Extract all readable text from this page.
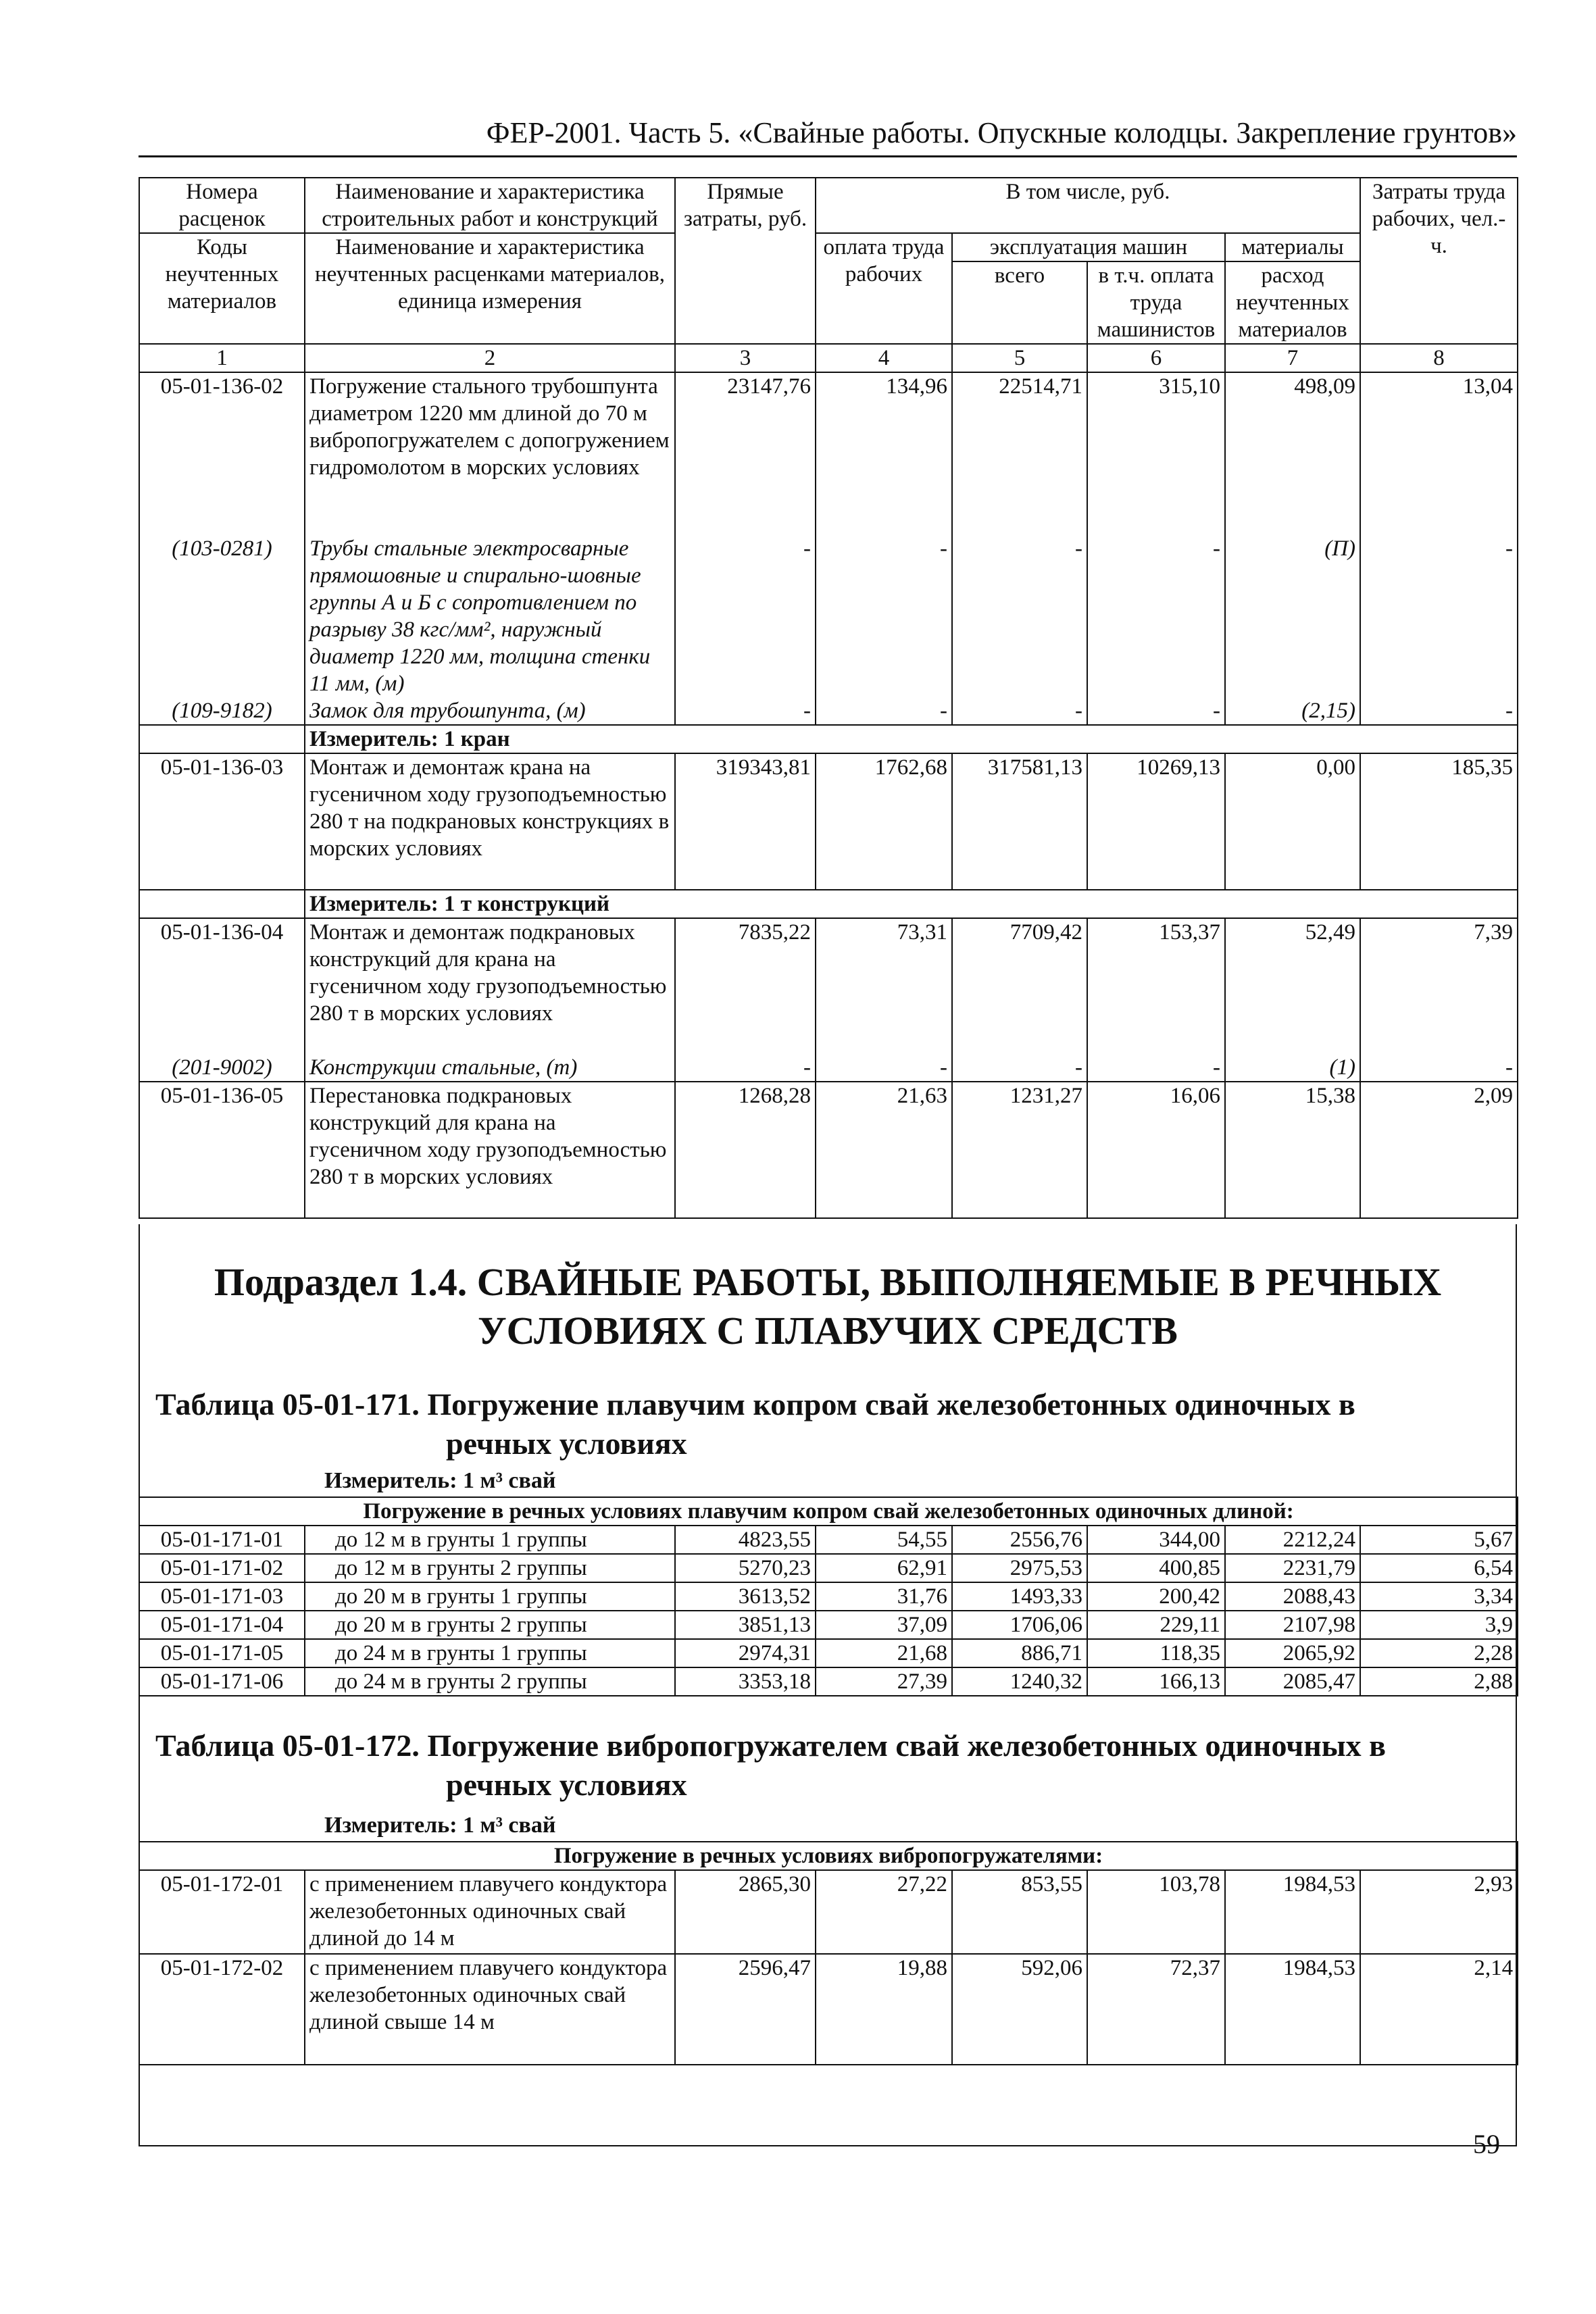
ФЕР-2001. Часть 5. «Свайные работы. Опускные колодцы. Закрепление грунтов»
Номера расценок	Наименование и характеристика строительных работ и конструкций	Прямые затраты, руб.	В том числе, руб.				Затраты труда рабочих, чел.-ч.
Коды неучтенных материалов	Наименование и характеристика неучтенных расценками материалов, единица измерения		оплата труда рабочих	эксплуатация машин		материалы	
				всего	в т.ч. оплата труда машинистов	расход неучтенных материалов	
1	2	3	4	5	6	7	8
05-01-136-02	Погружение стального трубошпунта диаметром 1220 мм длиной до 70 м вибропогружателем с допогружением гидромолотом в морских условиях	23147,76	134,96	22514,71	315,10	498,09	13,04
(103-0281)	Трубы стальные электросварные прямошовные и спирально-шовные группы А и Б с сопротивлением по разрыву 38 кгс/мм², наружный диаметр 1220 мм, толщина стенки 11 мм, (м)	-	-	-	-	(П)	-
(109-9182)	Замок для трубошпунта, (м)	-	-	-	-	(2,15)	-
	Измеритель: 1 кран						
05-01-136-03	Монтаж и демонтаж крана на гусеничном ходу грузоподъемностью 280 т на подкрановых конструкциях в морских условиях	319343,81	1762,68	317581,13	10269,13	0,00	185,35
	Измеритель: 1 т конструкций						
05-01-136-04	Монтаж и демонтаж подкрановых конструкций для крана на гусеничном ходу грузоподъемностью 280 т в морских условиях	7835,22	73,31	7709,42	153,37	52,49	7,39
(201-9002)	Конструкции стальные, (т)	-	-	-	-	(1)	-
05-01-136-05	Перестановка подкрановых конструкций для крана на гусеничном ходу грузоподъемностью 280 т в морских условиях	1268,28	21,63	1231,27	16,06	15,38	2,09
Подраздел 1.4. СВАЙНЫЕ РАБОТЫ, ВЫПОЛНЯЕМЫЕ В РЕЧНЫХ
УСЛОВИЯХ С ПЛАВУЧИХ СРЕДСТВ
Таблица 05-01-171. Погружение плавучим копром свай железобетонных одиночных в
речных условиях
Измеритель: 1 м³ свай
Погружение в речных условиях плавучим копром свай железобетонных одиночных длиной:							
05-01-171-01	до 12 м в грунты 1 группы	4823,55	54,55	2556,76	344,00	2212,24	5,67
05-01-171-02	до 12 м в грунты 2 группы	5270,23	62,91	2975,53	400,85	2231,79	6,54
05-01-171-03	до 20 м в грунты 1 группы	3613,52	31,76	1493,33	200,42	2088,43	3,34
05-01-171-04	до 20 м в грунты 2 группы	3851,13	37,09	1706,06	229,11	2107,98	3,9
05-01-171-05	до 24 м в грунты 1 группы	2974,31	21,68	886,71	118,35	2065,92	2,28
05-01-171-06	до 24 м в грунты 2 группы	3353,18	27,39	1240,32	166,13	2085,47	2,88
Таблица 05-01-172. Погружение вибропогружателем свай железобетонных одиночных в
речных условиях
Измеритель: 1 м³ свай
Погружение в речных условиях вибропогружателями:							
05-01-172-01	с применением плавучего кондуктора железобетонных одиночных свай длиной до 14 м	2865,30	27,22	853,55	103,78	1984,53	2,93
05-01-172-02	с применением плавучего кондуктора железобетонных одиночных свай длиной свыше 14 м	2596,47	19,88	592,06	72,37	1984,53	2,14
59
